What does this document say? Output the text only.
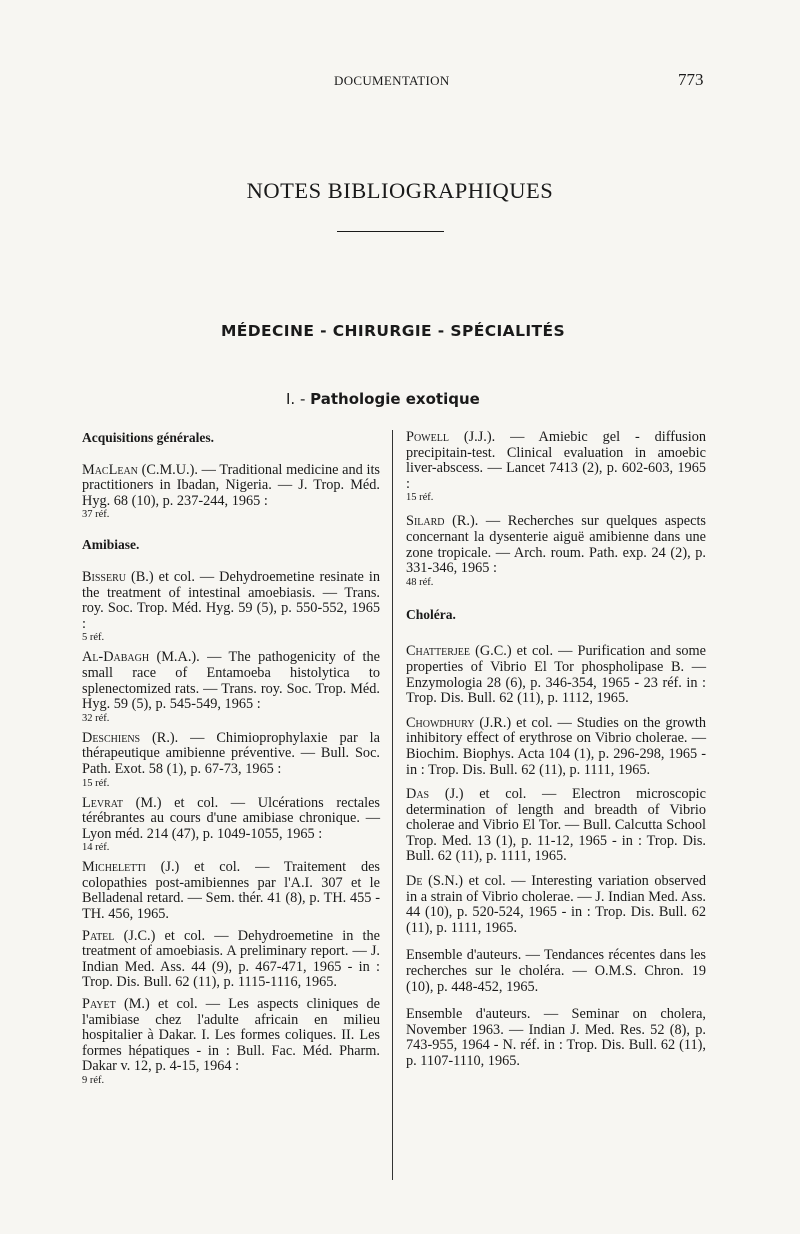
DOCUMENTATION	773
NOTES BIBLIOGRAPHIQUES
MÉDECINE - CHIRURGIE - SPÉCIALITÉS
I. - Pathologie exotique

Acquisitions générales.

MacLean (C.M.U.). — Traditional medicine and its practitioners in Ibadan, Nigeria. — J. Trop. Méd. Hyg. 68 (10), p. 237-244, 1965 :

37 réf.

Amibiase.

Bisseru (B.) et col. — Dehydroemetine resinate in the treatment of intestinal amoebiasis. — Trans. roy. Soc. Trop. Méd. Hyg. 59 (5), p. 550-552, 1965 :

5 réf.

Al-Dabagh (M.A.). — The pathogenicity of the small race of Entamoeba histolytica to splenectomized rats. — Trans. roy. Soc. Trop. Méd. Hyg. 59 (5), p. 545-549, 1965 :

32 réf.

Deschiens (R.). — Chimioprophylaxie par la thérapeutique amibienne préventive. — Bull. Soc. Path. Exot. 58 (1), p. 67-73, 1965 :

15 réf.

Levrat (M.) et col. — Ulcérations rectales térébrantes au cours d'une amibiase chronique. — Lyon méd. 214 (47), p. 1049-1055, 1965 :

14 réf.

Micheletti (J.) et col. — Traitement des colopathies post-amibiennes par l'A.I. 307 et le Belladenal retard. — Sem. thér. 41 (8), p. TH. 455 - TH. 456, 1965.

Patel (J.C.) et col. — Dehydroemetine in the treatment of amoebiasis. A preliminary report. — J. Indian Med. Ass. 44 (9), p. 467-471, 1965 - in : Trop. Dis. Bull. 62 (11), p. 1115-1116, 1965.

Payet (M.) et col. — Les aspects cliniques de l'amibiase chez l'adulte africain en milieu hospitalier à Dakar. I. Les formes coliques. II. Les formes hépatiques - in : Bull. Fac. Méd. Pharm. Dakar v. 12, p. 4-15, 1964 :

9 réf.

Powell (J.J.). — Amiebic gel - diffusion precipitain-test. Clinical evaluation in amoebic liver-abscess. — Lancet 7413 (2), p. 602-603, 1965 :

15 réf.

Silard (R.). — Recherches sur quelques aspects concernant la dysenterie aiguë amibienne dans une zone tropicale. — Arch. roum. Path. exp. 24 (2), p. 331-346, 1965 :

48 réf.

Choléra.

Chatterjee (G.C.) et col. — Purification and some properties of Vibrio El Tor phospholipase B. — Enzymologia 28 (6), p. 346-354, 1965 - 23 réf. in : Trop. Dis. Bull. 62 (11), p. 1112, 1965.

Chowdhury (J.R.) et col. — Studies on the growth inhibitory effect of erythrose on Vibrio cholerae. — Biochim. Biophys. Acta 104 (1), p. 296-298, 1965 - in : Trop. Dis. Bull. 62 (11), p. 1111, 1965.

Das (J.) et col. — Electron microscopic determination of length and breadth of Vibrio cholerae and Vibrio El Tor. — Bull. Calcutta School Trop. Med. 13 (1), p. 11-12, 1965 - in : Trop. Dis. Bull. 62 (11), p. 1111, 1965.

De (S.N.) et col. — Interesting variation observed in a strain of Vibrio cholerae. — J. Indian Med. Ass. 44 (10), p. 520-524, 1965 - in : Trop. Dis. Bull. 62 (11), p. 1111, 1965.

Ensemble d'auteurs. — Tendances récentes dans les recherches sur le choléra. — O.M.S. Chron. 19 (10), p. 448-452, 1965.

Ensemble d'auteurs. — Seminar on cholera, November 1963. — Indian J. Med. Res. 52 (8), p. 743-955, 1964 - N. réf. in : Trop. Dis. Bull. 62 (11), p. 1107-1110, 1965.
